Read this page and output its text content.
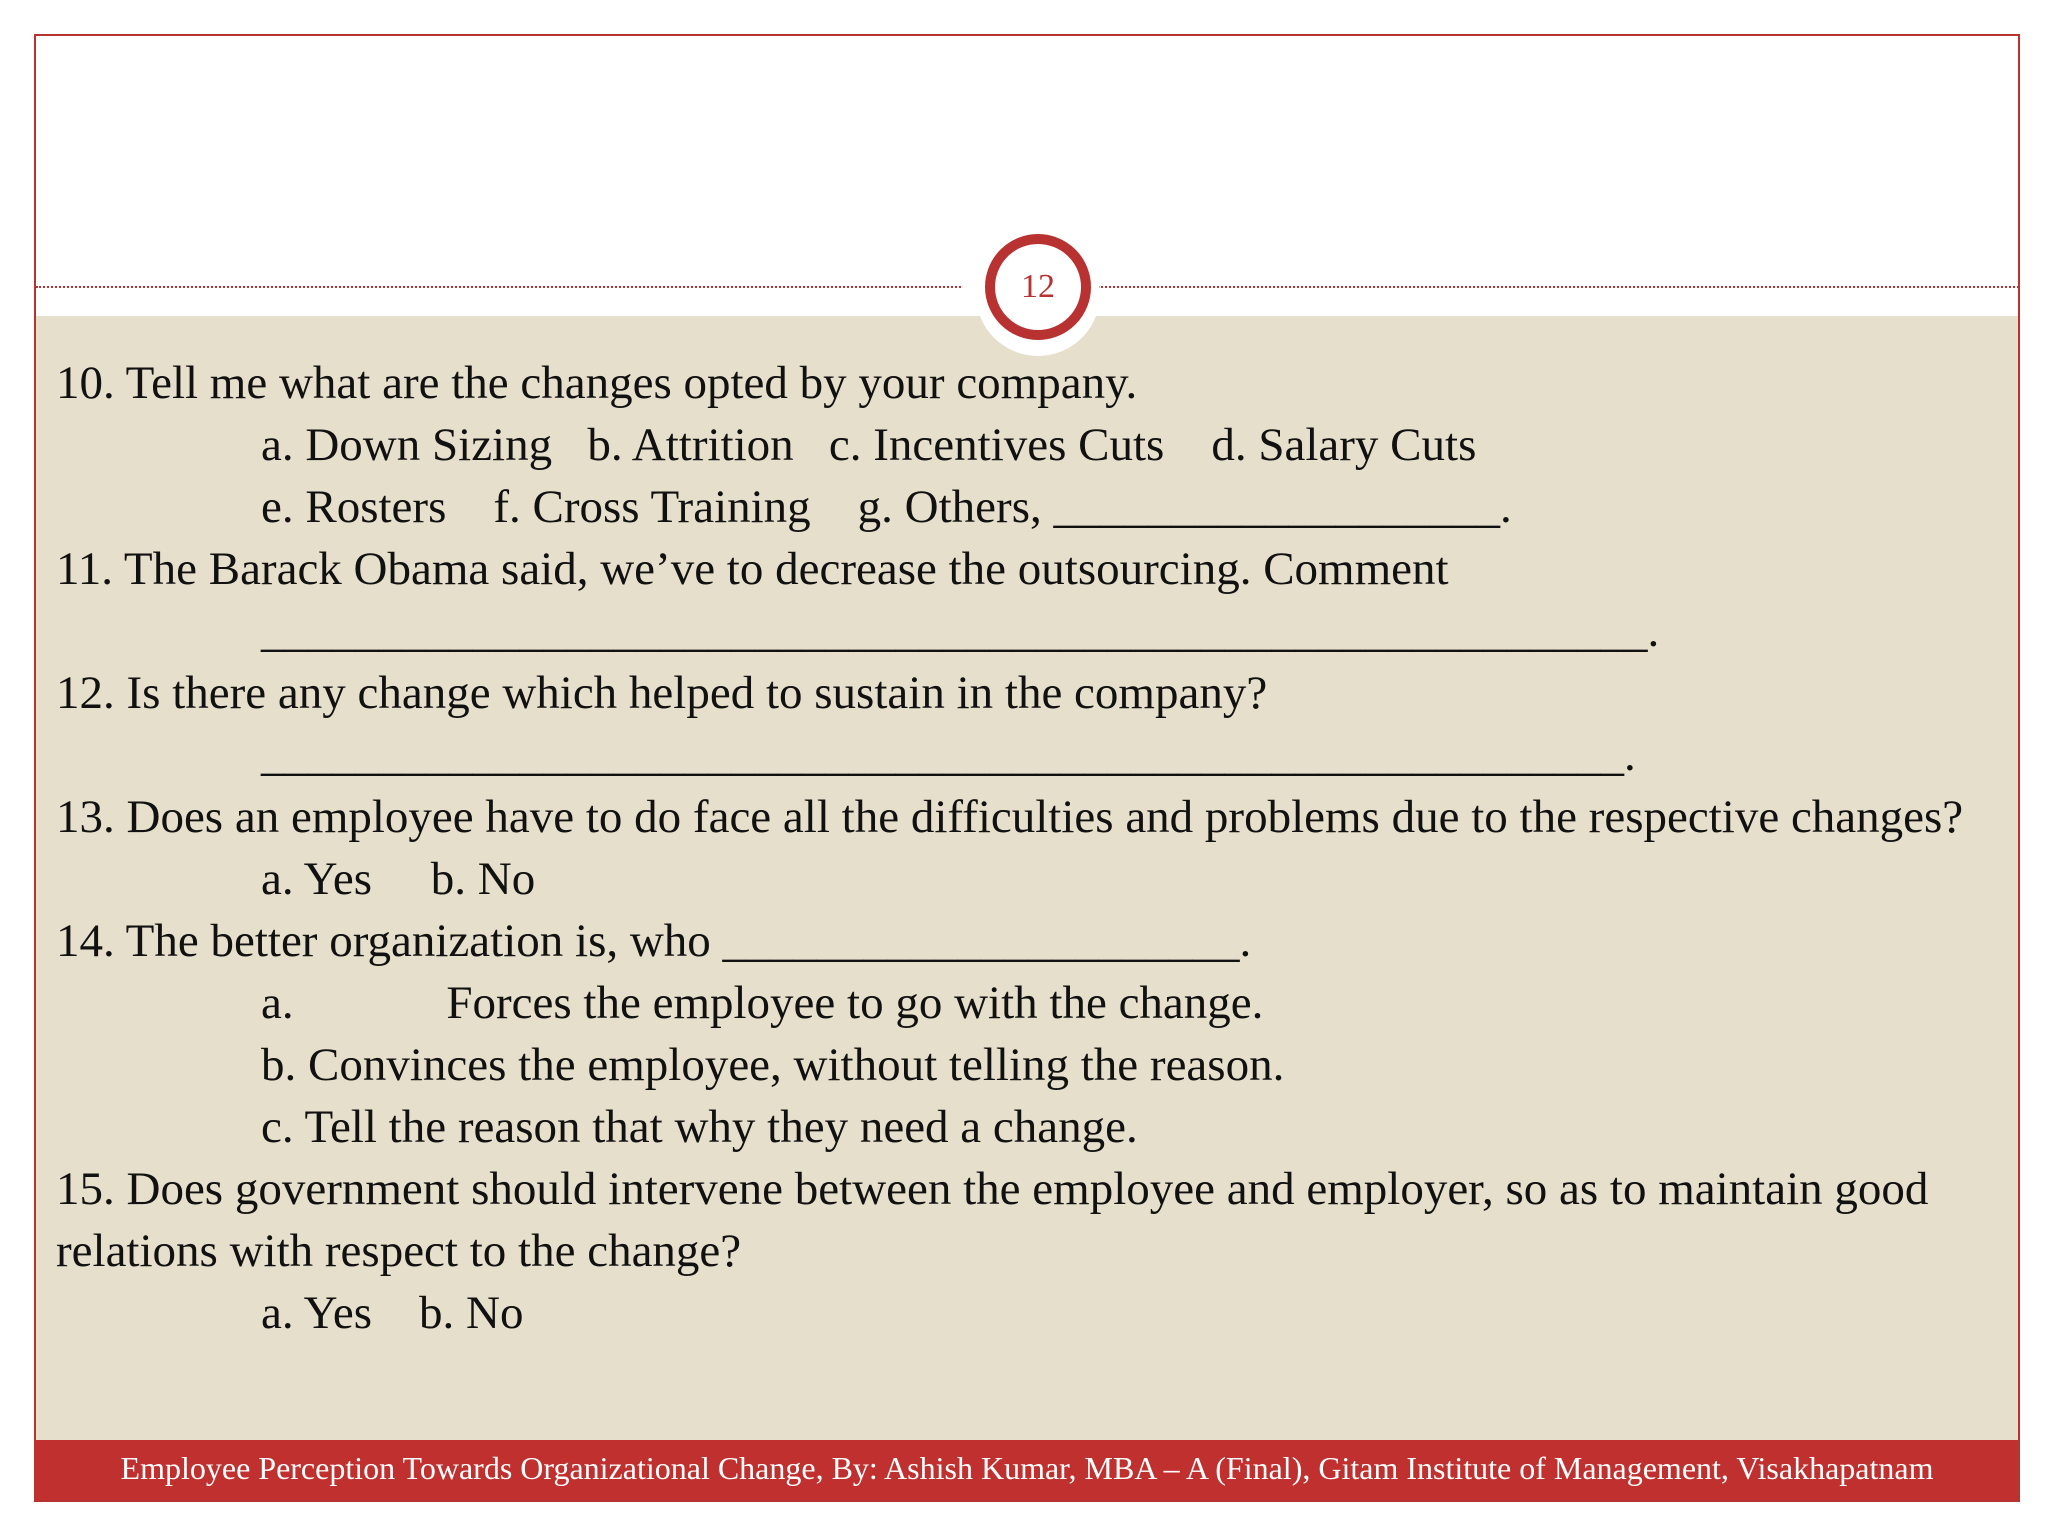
12
10. Tell me what are the changes opted by your company.
a. Down Sizing   b. Attrition   c. Incentives Cuts    d. Salary Cuts
e. Rosters    f. Cross Training    g. Others, ___________________.
11. The Barack Obama said, we’ve to decrease the outsourcing. Comment
___________________________________________________________.
12. Is there any change which helped to sustain in the company?
__________________________________________________________.
13. Does an employee have to do face all the difficulties and problems due to the respective changes?
a. Yes     b. No
14. The better organization is, who ______________________.
a.             Forces the employee to go with the change.
b. Convinces the employee, without telling the reason.
c. Tell the reason that why they need a change.
15. Does government should intervene between the employee and employer, so as to maintain good relations with respect to the change?
a. Yes    b. No
Employee Perception Towards Organizational Change, By: Ashish Kumar, MBA – A (Final), Gitam Institute of Management, Visakhapatnam
